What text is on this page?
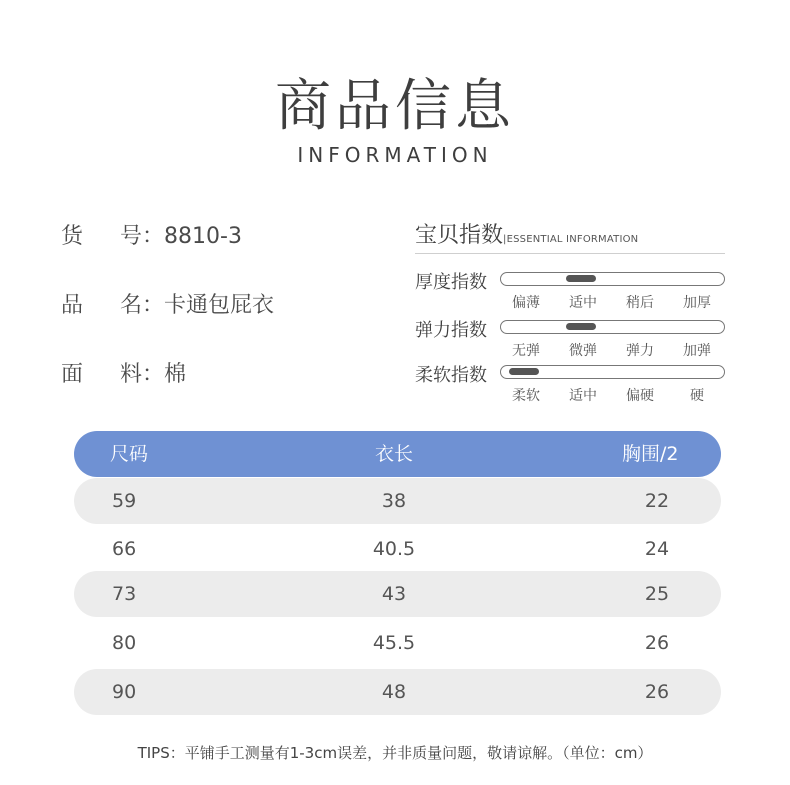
商品信息
INFORMATION
货 号：8810-3
品 名：卡通包屁衣
面 料：棉
宝贝指数|ESSENTIAL INFORMATION
厚度指数
偏薄	适中	稍后	加厚
弹力指数
无弹	微弹	弹力	加弹
柔软指数
柔软	适中	偏硬	硬
尺码	衣长	胸围/2
59	38	22
66	40.5	24
73	43	25
80	45.5	26
90	48	26
TIPS：平铺手工测量有1-3cm误差，并非质量问题，敬请谅解。（单位：cm）
